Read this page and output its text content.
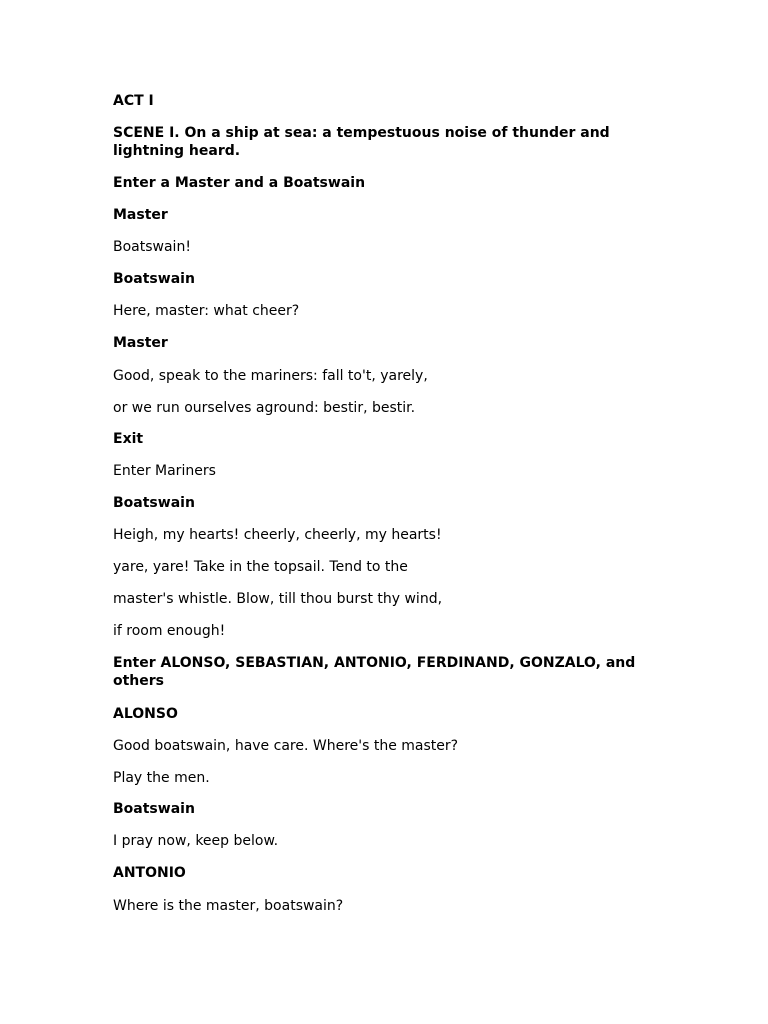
ACT I
SCENE I. On a ship at sea: a tempestuous noise of thunder and lightning heard.
Enter a Master and a Boatswain
Master
Boatswain!
Boatswain
Here, master: what cheer?
Master
Good, speak to the mariners: fall to't, yarely,
or we run ourselves aground: bestir, bestir.
Exit
Enter Mariners
Boatswain
Heigh, my hearts! cheerly, cheerly, my hearts!
yare, yare! Take in the topsail. Tend to the
master's whistle. Blow, till thou burst thy wind,
if room enough!
Enter ALONSO, SEBASTIAN, ANTONIO, FERDINAND, GONZALO, and others
ALONSO
Good boatswain, have care. Where's the master?
Play the men.
Boatswain
I pray now, keep below.
ANTONIO
Where is the master, boatswain?
